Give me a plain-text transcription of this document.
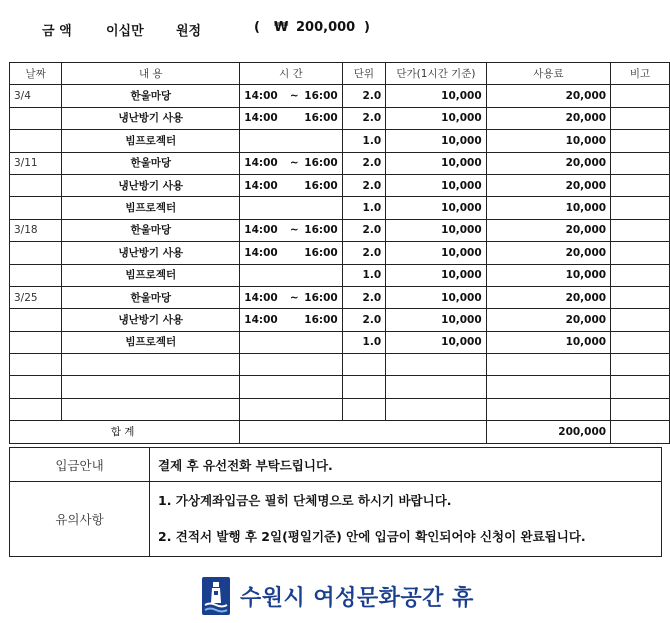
금 액	이십만 원정	( ₩ 200,000 )
날짜	내 용	시 간	단위	단가(1시간 기준)	사용료	비고
3/4	한울마당	14:00 ~ 16:00	2.0	10,000	20,000	
	냉난방기 사용	14:00 16:00	2.0	10,000	20,000	
	빔프로젝터		1.0	10,000	10,000	
3/11	한울마당	14:00 ~ 16:00	2.0	10,000	20,000	
	냉난방기 사용	14:00 16:00	2.0	10,000	20,000	
	빔프로젝터		1.0	10,000	10,000	
3/18	한울마당	14:00 ~ 16:00	2.0	10,000	20,000	
	냉난방기 사용	14:00 16:00	2.0	10,000	20,000	
	빔프로젝터		1.0	10,000	10,000	
3/25	한울마당	14:00 ~ 16:00	2.0	10,000	20,000	
	냉난방기 사용	14:00 16:00	2.0	10,000	20,000	
	빔프로젝터		1.0	10,000	10,000	

합 계					200,000	
입금안내	결제 후 유선전화 부탁드립니다.
유의사항	1. 가상계좌입금은 필히 단체명으로 하시기 바랍니다.
2. 견적서 발행 후 2일(평일기준) 안에 입금이 확인되어야 신청이 완료됩니다.
수원시 여성문화공간 휴
